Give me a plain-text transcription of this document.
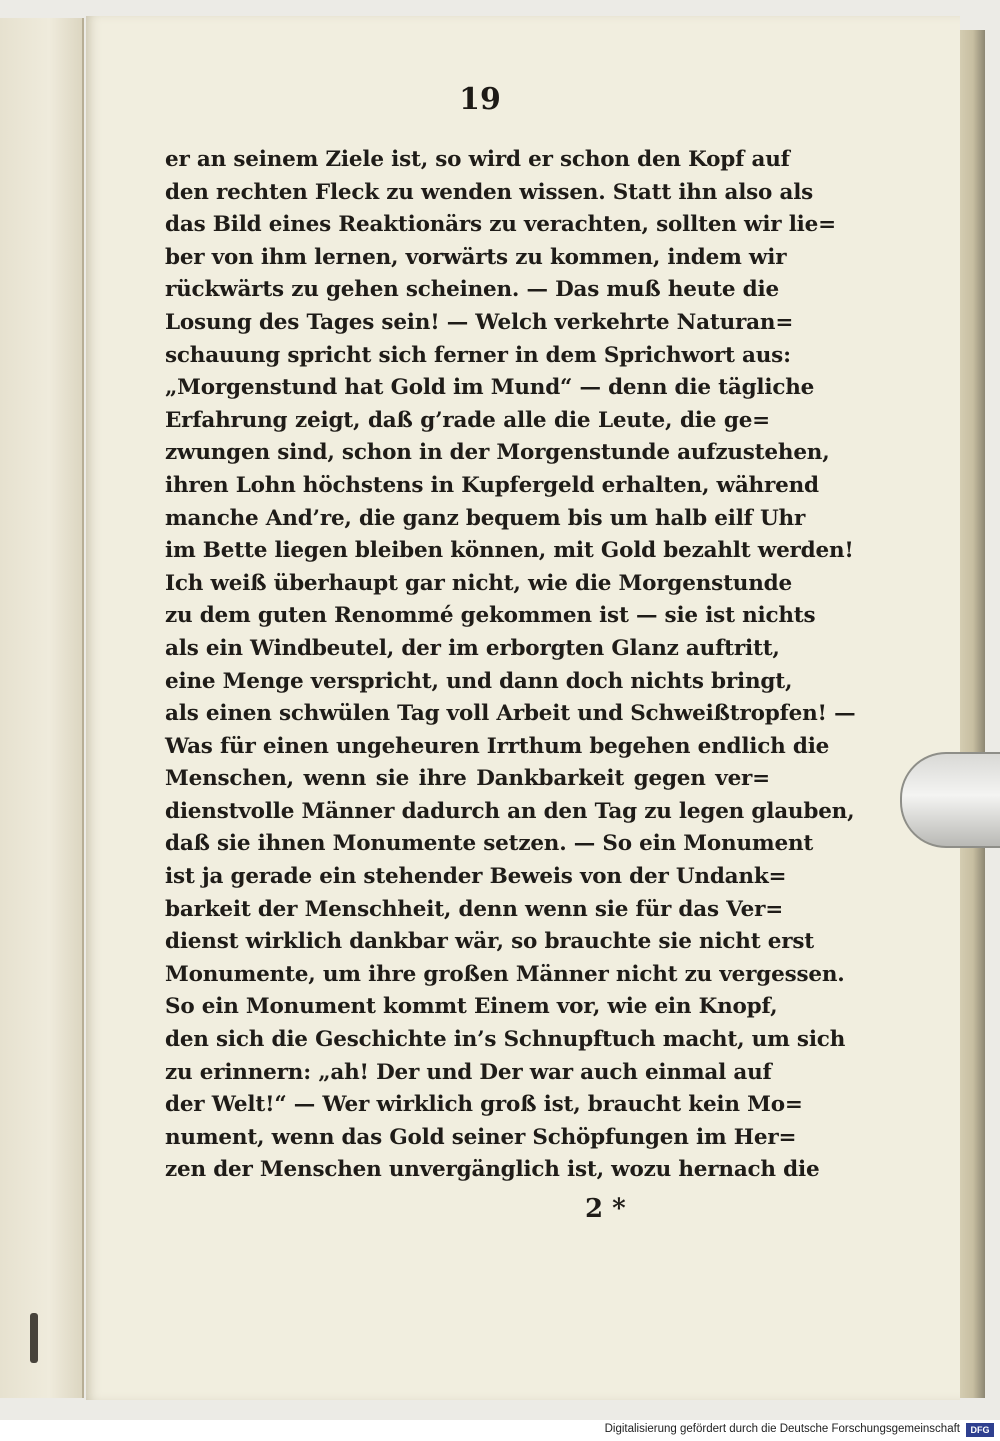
19
er an seinem Ziele ist, so wird er schon den Kopf auf
den rechten Fleck zu wenden wissen. Statt ihn also als
das Bild eines Reaktionärs zu verachten, sollten wir lie=
ber von ihm lernen, vorwärts zu kommen, indem wir
rückwärts zu gehen scheinen. — Das muß heute die
Losung des Tages sein! — Welch verkehrte Naturan=
schauung spricht sich ferner in dem Sprichwort aus:
„Morgenstund hat Gold im Mund“ — denn die tägliche
Erfahrung zeigt, daß g’rade alle die Leute, die ge=
zwungen sind, schon in der Morgenstunde aufzustehen,
ihren Lohn höchstens in Kupfergeld erhalten, während
manche And’re, die ganz bequem bis um halb eilf Uhr
im Bette liegen bleiben können, mit Gold bezahlt werden!
Ich weiß überhaupt gar nicht, wie die Morgenstunde
zu dem guten Renommé gekommen ist — sie ist nichts
als ein Windbeutel, der im erborgten Glanz auftritt,
eine Menge verspricht, und dann doch nichts bringt,
als einen schwülen Tag voll Arbeit und Schweißtropfen! —
Was für einen ungeheuren Irrthum begehen endlich die
Menschen, wenn sie ihre Dankbarkeit gegen ver=
dienstvolle Männer dadurch an den Tag zu legen glauben,
daß sie ihnen Monumente setzen. — So ein Monument
ist ja gerade ein stehender Beweis von der Undank=
barkeit der Menschheit, denn wenn sie für das Ver=
dienst wirklich dankbar wär, so brauchte sie nicht erst
Monumente, um ihre großen Männer nicht zu vergessen.
So ein Monument kommt Einem vor, wie ein Knopf,
den sich die Geschichte in’s Schnupftuch macht, um sich
zu erinnern: „ah! Der und Der war auch einmal auf
der Welt!“ — Wer wirklich groß ist, braucht kein Mo=
nument, wenn das Gold seiner Schöpfungen im Her=
zen der Menschen unvergänglich ist, wozu hernach die
2 *
Digitalisierung gefördert durch die Deutsche Forschungsgemeinschaft	DFG
